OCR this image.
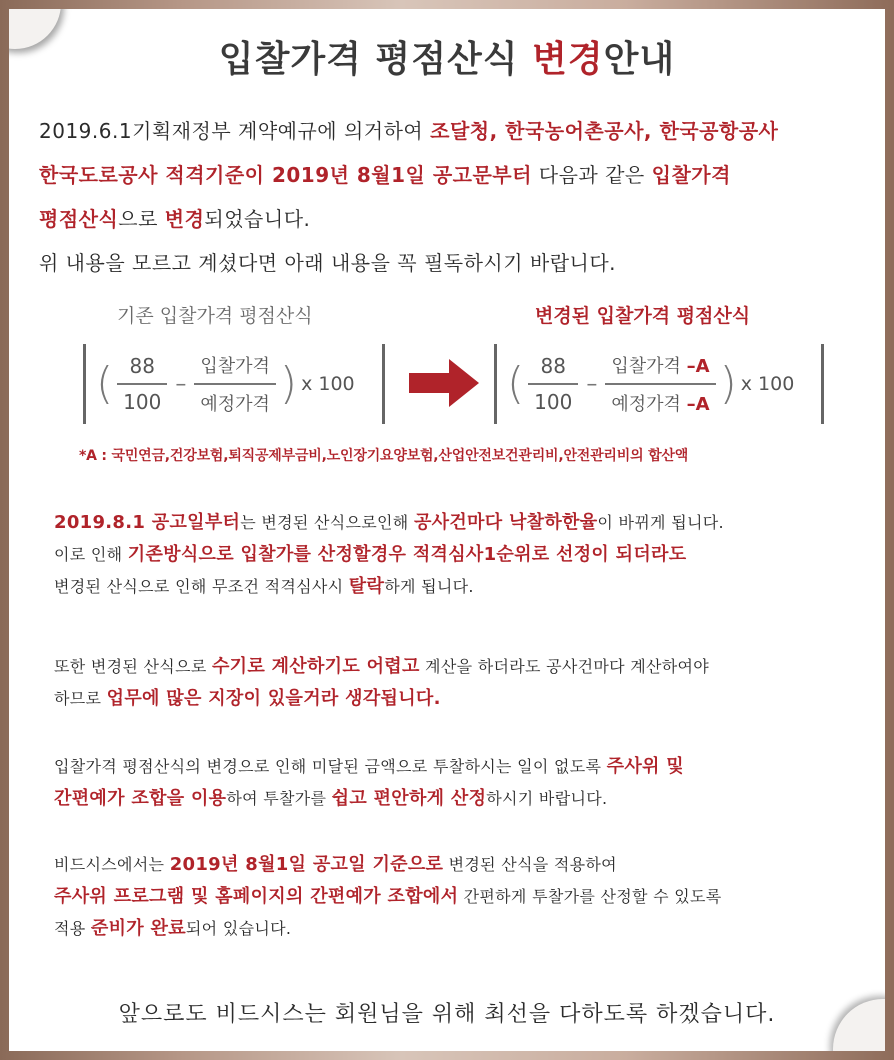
입찰가격 평점산식 변경안내

2019.6.1기획재정부 계약예규에 의거하여 조달청, 한국농어촌공사, 한국공항공사

한국도로공사 적격기준이 2019년 8월1일 공고문부터 다음과 같은 입찰가격

평점산식으로 변경되었습니다.

위 내용을 모르고 계셨다면 아래 내용을 꼭 필독하시기 바랍니다.

기존 입찰가격 평점산식	변경된 입찰가격 평점산식
( $\frac{88}{100} - \frac{\text{입찰가격}}{\text{예정가격}}$ ) x 100	( $\frac{88}{100} - \frac{\text{입찰가격 –A}}{\text{예정가격 –A}}$ ) x 100
*A : 국민연금,건강보험,퇴직공제부금비,노인장기요양보험,산업안전보건관리비,안전관리비의 합산액

2019.8.1 공고일부터는 변경된 산식으로인해 공사건마다 낙찰하한율이 바뀌게 됩니다.

이로 인해 기존방식으로 입찰가를 산정할경우 적격심사1순위로 선정이 되더라도

변경된 산식으로 인해 무조건 적격심사시 탈락하게 됩니다.

또한 변경된 산식으로 수기로 계산하기도 어렵고 계산을 하더라도 공사건마다 계산하여야

하므로 업무에 많은 지장이 있을거라 생각됩니다.

입찰가격 평점산식의 변경으로 인해 미달된 금액으로 투찰하시는 일이 없도록 주사위 및

간편예가 조합을 이용하여 투찰가를 쉽고 편안하게 산정하시기 바랍니다.

비드시스에서는 2019년 8월1일 공고일 기준으로 변경된 산식을 적용하여

주사위 프로그램 및 홈페이지의 간편예가 조합에서 간편하게 투찰가를 산정할 수 있도록

적용 준비가 완료되어 있습니다.

앞으로도 비드시스는 회원님을 위해 최선을 다하도록 하겠습니다.
